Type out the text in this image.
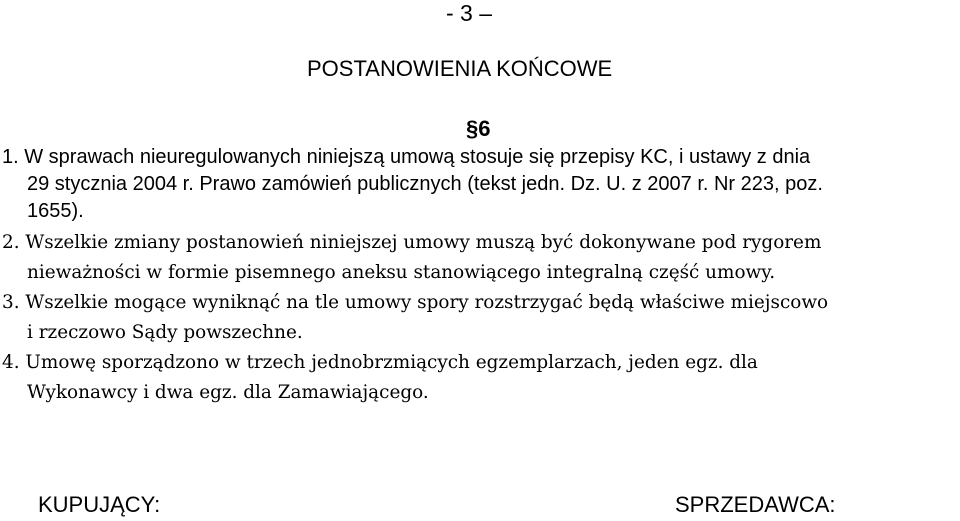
- 3 –
POSTANOWIENIA KOŃCOWE
§6
1. W sprawach nieuregulowanych niniejszą umową stosuje się przepisy KC, i ustawy z dnia
29 stycznia 2004 r. Prawo zamówień publicznych (tekst jedn. Dz. U. z 2007 r. Nr 223, poz.
1655).
2. Wszelkie zmiany postanowień niniejszej umowy muszą być dokonywane pod rygorem
nieważności w formie pisemnego aneksu stanowiącego integralną część umowy.
3. Wszelkie mogące wyniknąć na tle umowy spory rozstrzygać będą właściwe miejscowo
i rzeczowo Sądy powszechne.
4. Umowę sporządzono w trzech jednobrzmiących egzemplarzach, jeden egz. dla
Wykonawcy i dwa egz. dla Zamawiającego.
KUPUJĄCY:	SPRZEDAWCA:
